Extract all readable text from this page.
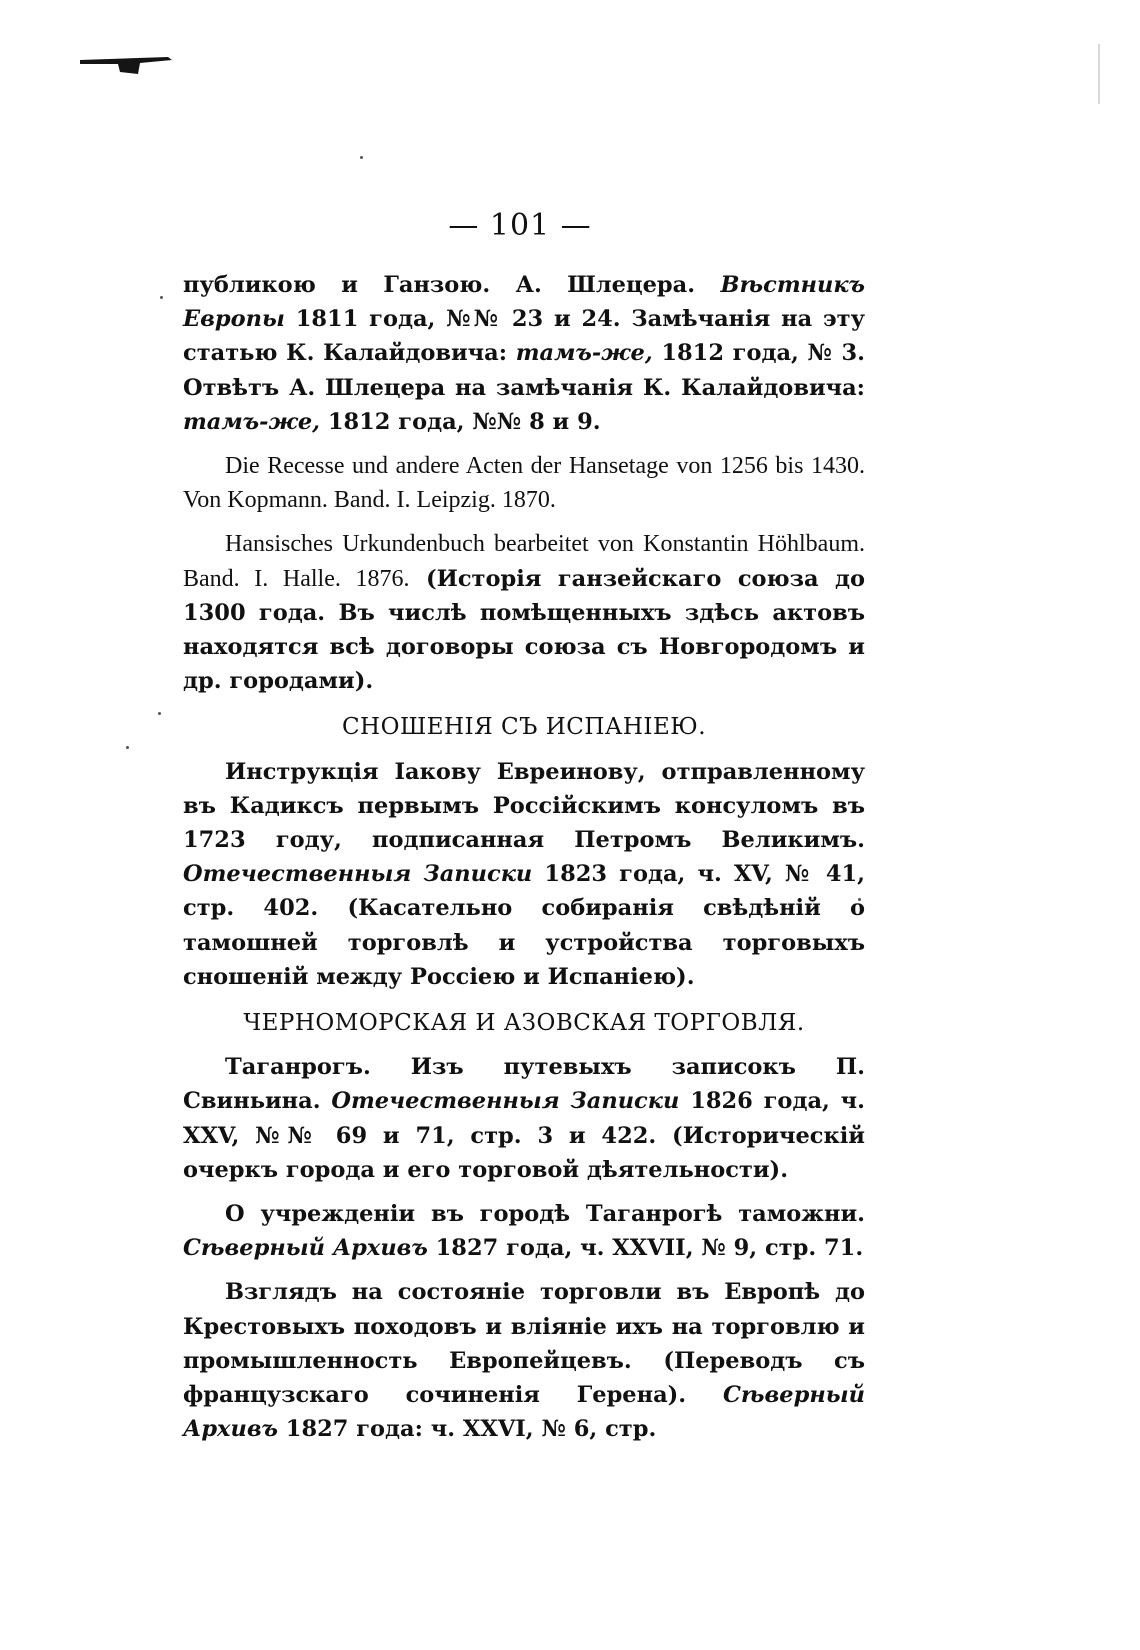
— 101 —

публикою и Ганзою. А. Шлецера. Вѣстникъ Европы 1811 года, №№ 23 и 24. Замѣчанія на эту статью К. Калайдовича: тамъ-же, 1812 года, № 3. Отвѣтъ А. Шлецера на замѣчанія К. Калайдовича: тамъ-же, 1812 года, №№ 8 и 9.

Die Recesse und andere Acten der Hansetage von 1256 bis 1430. Von Kopmann. Band. I. Leipzig. 1870.

Hansisches Urkundenbuch bearbeitet von Konstantin Höhlbaum. Band. I. Halle. 1876. (Исторія ганзейскаго союза до 1300 года. Въ числѣ помѣщенныхъ здѣсь актовъ находятся всѣ договоры союза съ Новгородомъ и др. городами).

СНОШЕНІЯ СЪ ИСПАНІЕЮ.

Инструкція Іакову Евреинову, отправленному въ Кадиксъ первымъ Россійскимъ консуломъ въ 1723 году, подписанная Петромъ Великимъ. Отечественныя Записки 1823 года, ч. XV, № 41, стр. 402. (Касательно собиранія свѣдѣній о тамошней торговлѣ и устройства торговыхъ сношеній между Россіею и Испаніею).

ЧЕРНОМОРСКАЯ И АЗОВСКАЯ ТОРГОВЛЯ.

Таганрогъ. Изъ путевыхъ записокъ П. Свиньина. Отечественныя Записки 1826 года, ч. XXV, №№ 69 и 71, стр. 3 и 422. (Историческій очеркъ города и его торговой дѣятельности).

О учрежденіи въ городѣ Таганрогѣ таможни. Сѣверный Архивъ 1827 года, ч. XXVII, № 9, стр. 71.

Взглядъ на состояніе торговли въ Европѣ до Крестовыхъ походовъ и вліяніе ихъ на торговлю и промышленность Европейцевъ. (Переводъ съ французскаго сочиненія Герена). Сѣверный Архивъ 1827 года: ч. XXVI, № 6, стр.
